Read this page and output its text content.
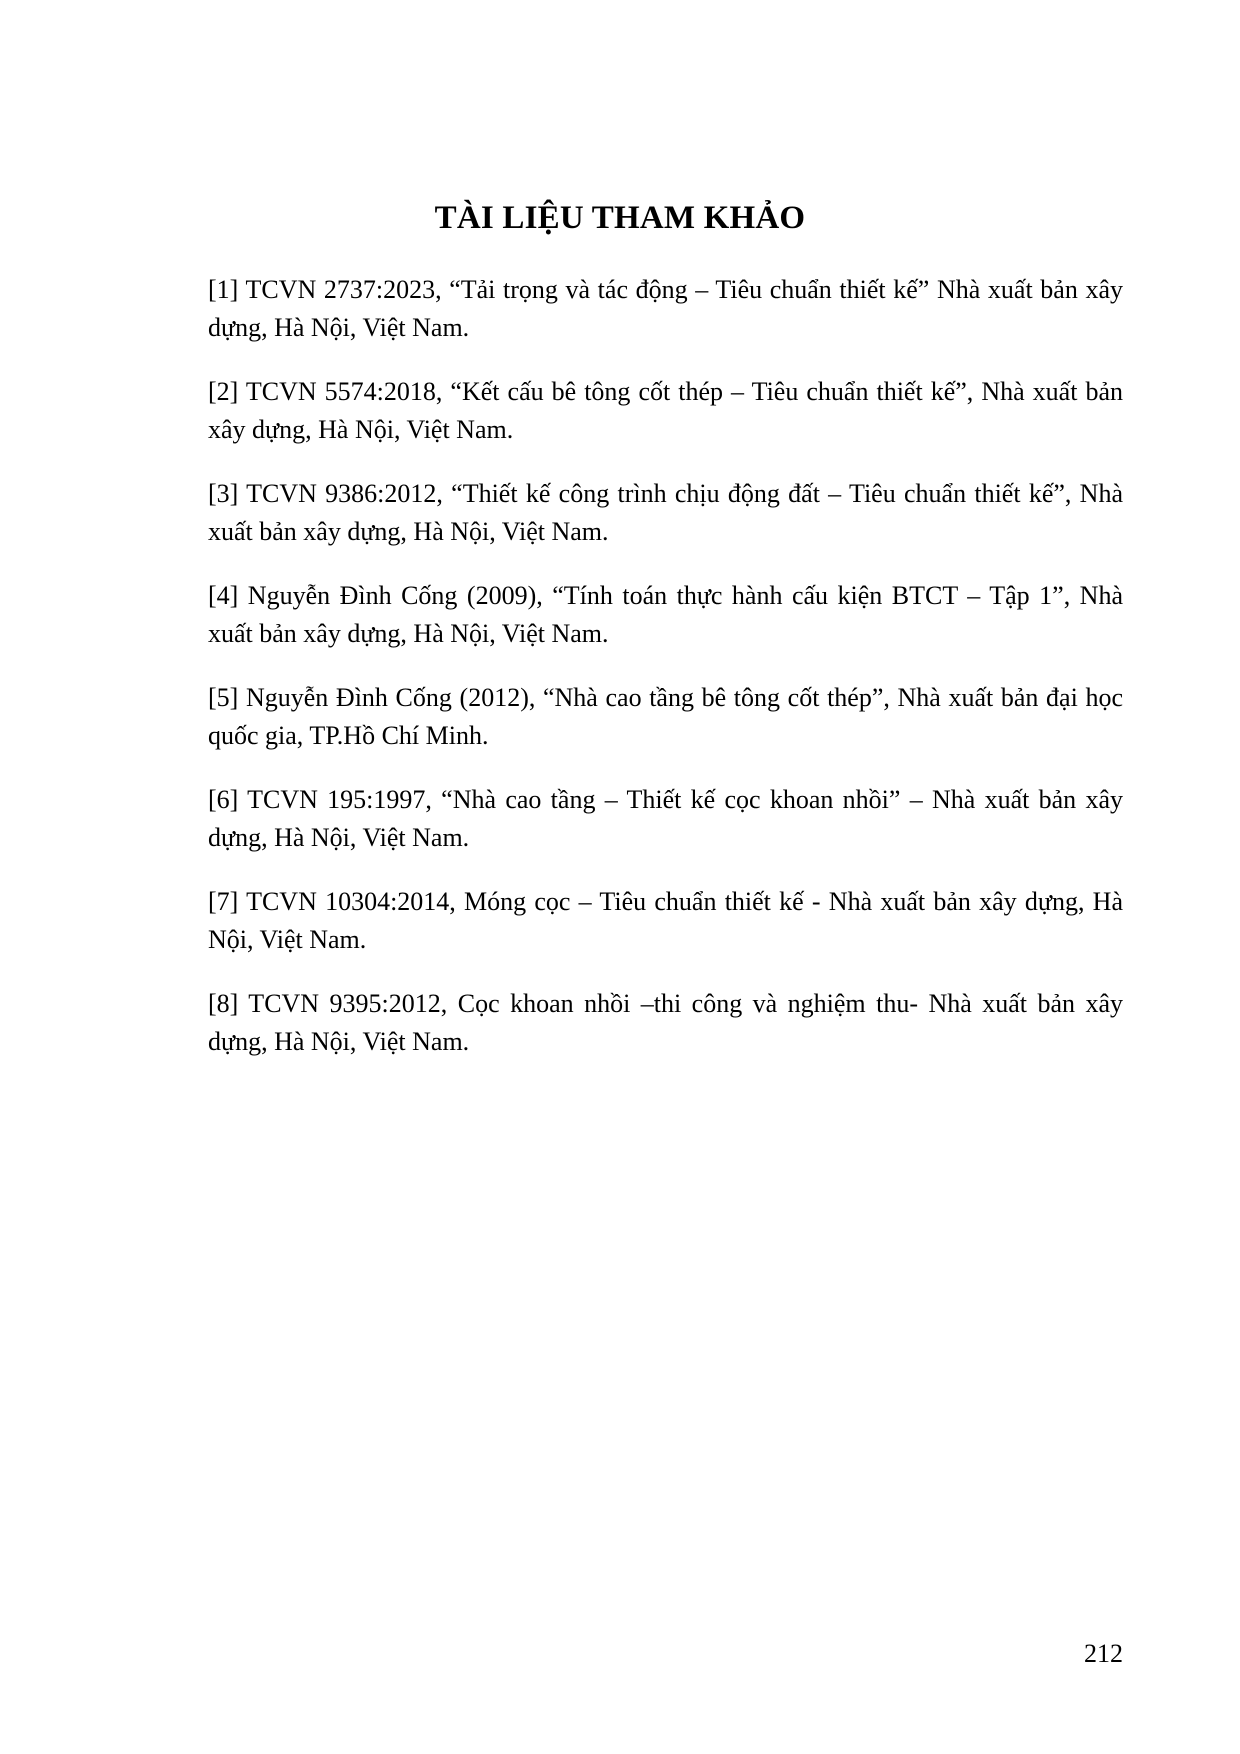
TÀI LIỆU THAM KHẢO

[1] TCVN 2737:2023, “Tải trọng và tác động – Tiêu chuẩn thiết kế” Nhà xuất bản xây dựng, Hà Nội, Việt Nam.

[2] TCVN 5574:2018, “Kết cấu bê tông cốt thép – Tiêu chuẩn thiết kế”, Nhà xuất bản xây dựng, Hà Nội, Việt Nam.

[3] TCVN 9386:2012, “Thiết kế công trình chịu động đất – Tiêu chuẩn thiết kế”, Nhà xuất bản xây dựng, Hà Nội, Việt Nam.

[4] Nguyễn Đình Cống (2009), “Tính toán thực hành cấu kiện BTCT – Tập 1”, Nhà xuất bản xây dựng, Hà Nội, Việt Nam.

[5] Nguyễn Đình Cống (2012), “Nhà cao tầng bê tông cốt thép”, Nhà xuất bản đại học quốc gia, TP.Hồ Chí Minh.

[6] TCVN 195:1997, “Nhà cao tầng – Thiết kế cọc khoan nhồi” – Nhà xuất bản xây dựng, Hà Nội, Việt Nam.

[7] TCVN 10304:2014, Móng cọc – Tiêu chuẩn thiết kế - Nhà xuất bản xây dựng, Hà Nội, Việt Nam.

[8] TCVN 9395:2012, Cọc khoan nhồi –thi công và nghiệm thu- Nhà xuất bản xây dựng, Hà Nội, Việt Nam.

212
